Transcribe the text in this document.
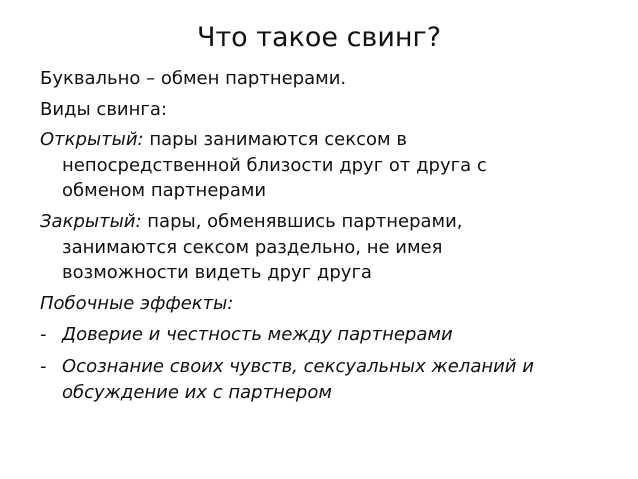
Что такое свинг?
Буквально – обмен партнерами.
Виды свинга:
Открытый: пары занимаются сексом в
непосредственной близости друг от друга с
обменом партнерами
Закрытый: пары, обменявшись партнерами,
занимаются сексом раздельно, не имея
возможности видеть друг друга
Побочные эффекты:
- Доверие и честность между партнерами
- Осознание своих чувств, сексуальных желаний и
обсуждение их с партнером
